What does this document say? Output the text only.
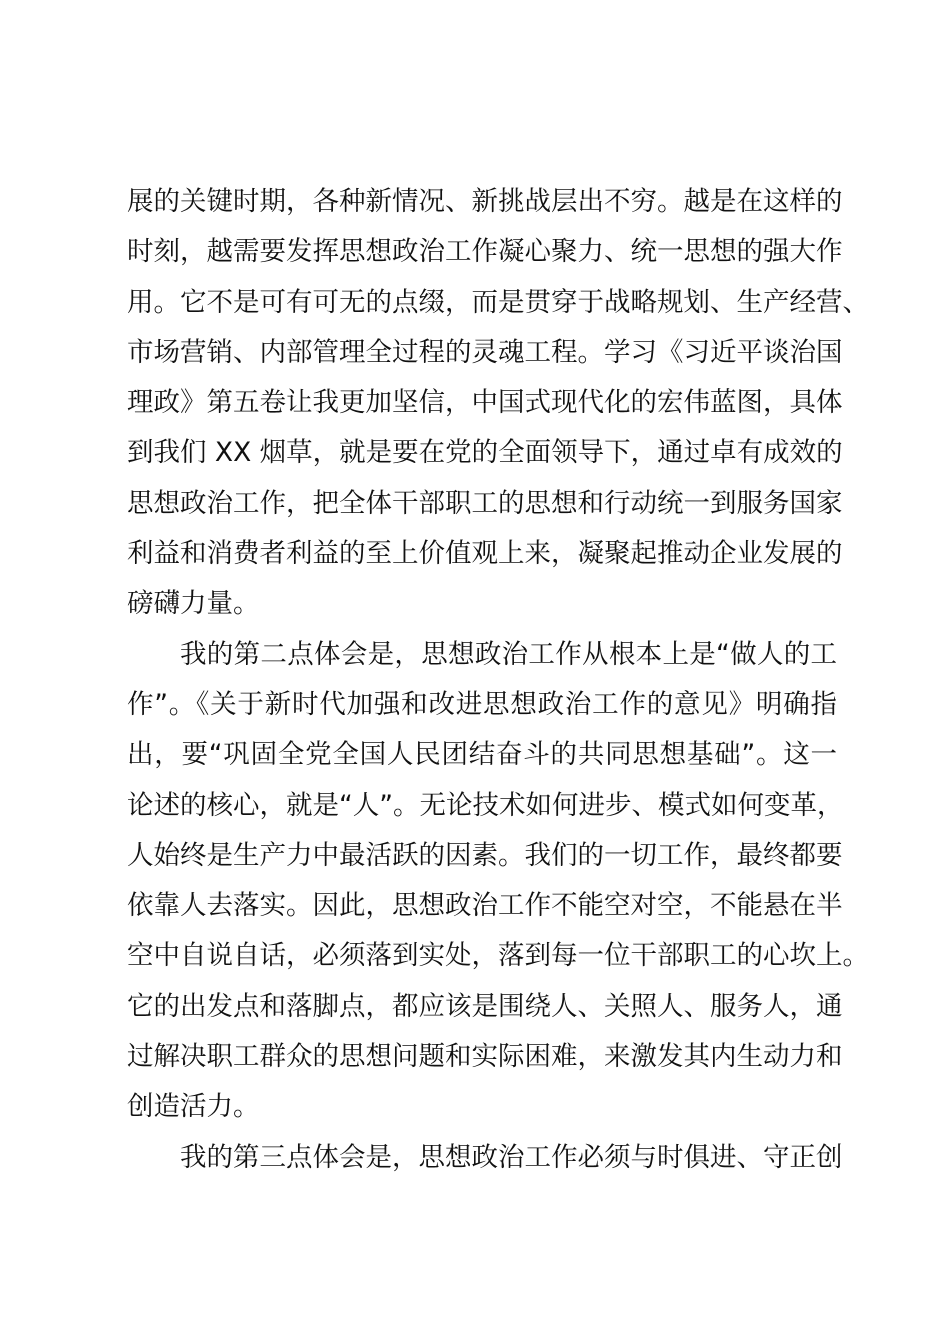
展的关键时期，各种新情况、新挑战层出不穷。越是在这样的
时刻，越需要发挥思想政治工作凝心聚力、统一思想的强大作
用。它不是可有可无的点缀，而是贯穿于战略规划、生产经营、
市场营销、内部管理全过程的灵魂工程。学习《习近平谈治国
理政》第五卷让我更加坚信，中国式现代化的宏伟蓝图，具体
到我们 XX 烟草，就是要在党的全面领导下，通过卓有成效的
思想政治工作，把全体干部职工的思想和行动统一到服务国家
利益和消费者利益的至上价值观上来，凝聚起推动企业发展的
磅礴力量。
我的第二点体会是，思想政治工作从根本上是“做人的工
作”。《关于新时代加强和改进思想政治工作的意见》明确指
出，要“巩固全党全国人民团结奋斗的共同思想基础”。这一
论述的核心，就是“人”。无论技术如何进步、模式如何变革，
人始终是生产力中最活跃的因素。我们的一切工作，最终都要
依靠人去落实。因此，思想政治工作不能空对空，不能悬在半
空中自说自话，必须落到实处，落到每一位干部职工的心坎上。
它的出发点和落脚点，都应该是围绕人、关照人、服务人，通
过解决职工群众的思想问题和实际困难，来激发其内生动力和
创造活力。
我的第三点体会是，思想政治工作必须与时俱进、守正创
